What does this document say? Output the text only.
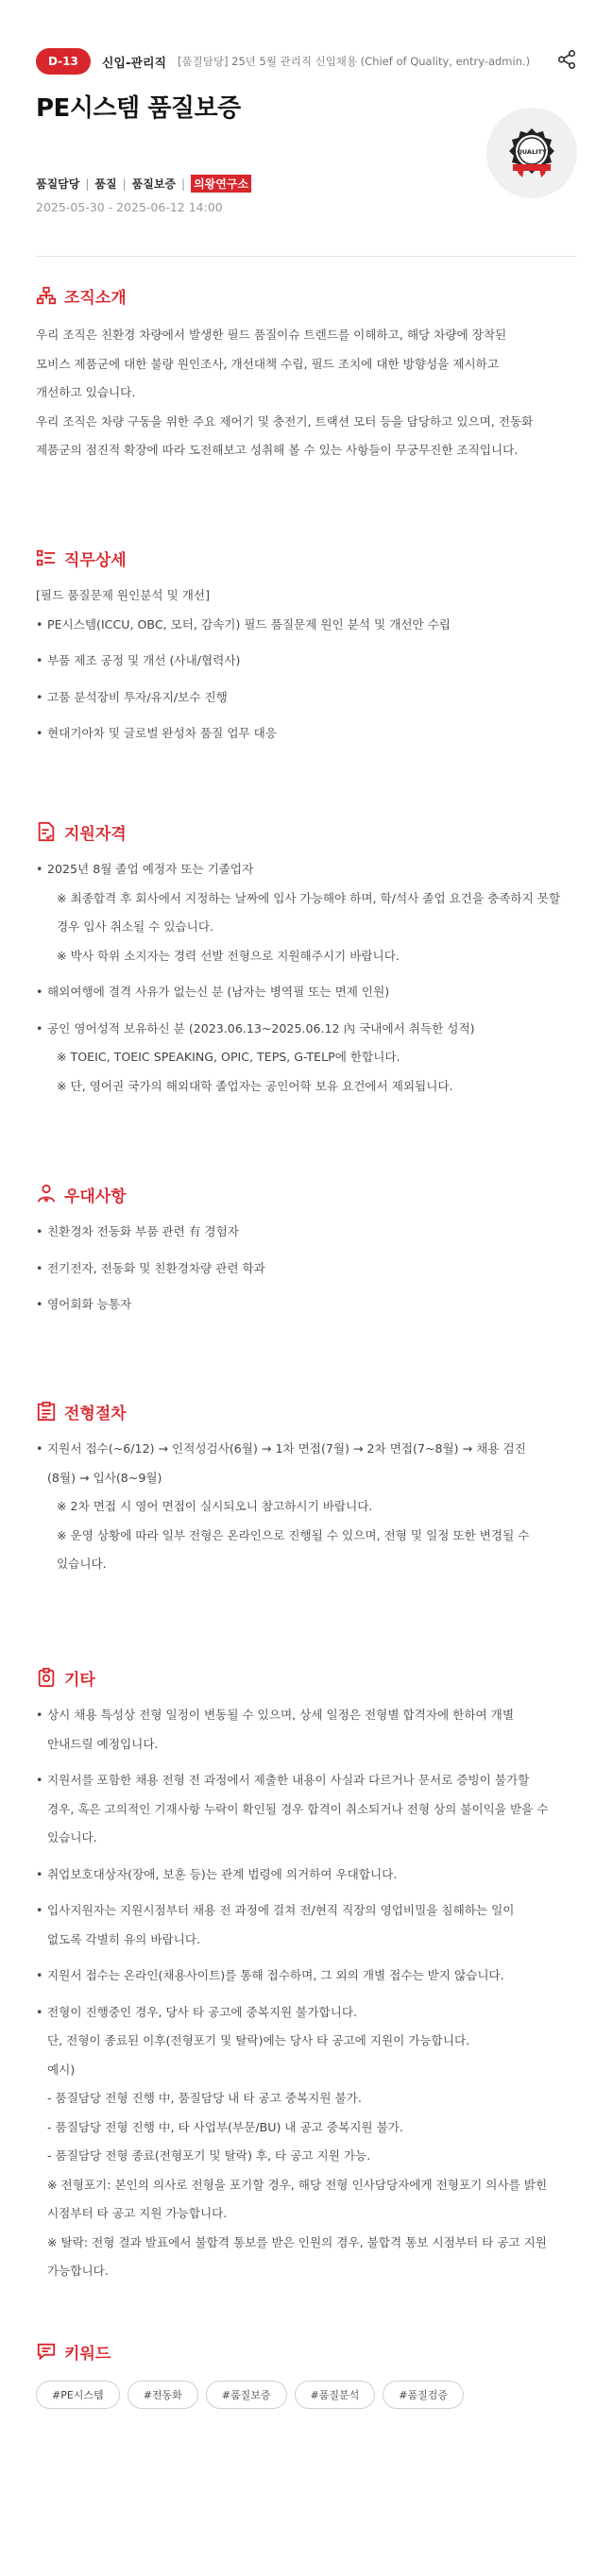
D-13	신입-관리직 [품질담당] 25년 5월 관리직 신입채용 (Chief of Quality, entry-admin.)
PE시스템 품질보증
QUALITY
품질담당 | 품질 | 품질보증 | 의왕연구소
2025-05-30 - 2025-06-12 14:00
조직소개
우리 조직은 친환경 차량에서 발생한 필드 품질이슈 트렌드를 이해하고, 해당 차량에 장착된
모비스 제품군에 대한 불량 원인조사, 개선대책 수립, 필드 조치에 대한 방향성을 제시하고
개선하고 있습니다.
우리 조직은 차량 구동을 위한 주요 제어기 및 충전기, 트랙션 모터 등을 담당하고 있으며, 전동화
제품군의 점진적 확장에 따라 도전해보고 성취해 볼 수 있는 사항들이 무궁무진한 조직입니다.
직무상세
[필드 품질문제 원인분석 및 개선]
• PE시스템(ICCU, OBC, 모터, 감속기) 필드 품질문제 원인 분석 및 개선안 수립
• 부품 제조 공정 및 개선 (사내/협력사)
• 고품 분석장비 투자/유지/보수 진행
• 현대기아차 및 글로벌 완성차 품질 업무 대응
지원자격
• 2025년 8월 졸업 예정자 또는 기졸업자
※ 최종합격 후 회사에서 지정하는 날짜에 입사 가능해야 하며, 학/석사 졸업 요건을 충족하지 못할
경우 입사 취소될 수 있습니다.
※ 박사 학위 소지자는 경력 선발 전형으로 지원해주시기 바랍니다.
• 해외여행에 결격 사유가 없는신 분 (남자는 병역필 또는 면제 인원)
• 공인 영어성적 보유하신 분 (2023.06.13~2025.06.12 內 국내에서 취득한 성적)
※ TOEIC, TOEIC SPEAKING, OPIC, TEPS, G-TELP에 한합니다.
※ 단, 영어권 국가의 해외대학 졸업자는 공인어학 보유 요건에서 제외됩니다.
우대사항
• 친환경차 전동화 부품 관련 有 경험자
• 전기전자, 전동화 및 친환경차량 관련 학과
• 영어회화 능통자
전형절차
• 지원서 접수(~6/12) → 인적성검사(6월) → 1차 면접(7월) → 2차 면접(7~8월) → 채용 검진
(8월) → 입사(8~9월)
※ 2차 면접 시 영어 면접이 실시되오니 참고하시기 바랍니다.
※ 운영 상황에 따라 일부 전형은 온라인으로 진행될 수 있으며, 전형 및 일정 또한 변경될 수
있습니다.
기타
• 상시 채용 특성상 전형 일정이 변동될 수 있으며, 상세 일정은 전형별 합격자에 한하여 개별
안내드릴 예정입니다.
• 지원서를 포함한 채용 전형 전 과정에서 제출한 내용이 사실과 다르거나 문서로 증빙이 불가할
경우, 혹은 고의적인 기재사항 누락이 확인될 경우 합격이 취소되거나 전형 상의 불이익을 받을 수
있습니다.
• 취업보호대상자(장애, 보훈 등)는 관계 법령에 의거하여 우대합니다.
• 입사지원자는 지원시점부터 채용 전 과정에 걸쳐 전/현직 직장의 영업비밀을 침해하는 일이
없도록 각별히 유의 바랍니다.
• 지원서 접수는 온라인(채용사이트)를 통해 접수하며, 그 외의 개별 접수는 받지 않습니다.
• 전형이 진행중인 경우, 당사 타 공고에 중복지원 불가합니다.
단, 전형이 종료된 이후(전형포기 및 탈락)에는 당사 타 공고에 지원이 가능합니다.
예시)
- 품질담당 전형 진행 中, 품질담당 내 타 공고 중복지원 불가.
- 품질담당 전형 진행 中, 타 사업부(부문/BU) 내 공고 중복지원 불가.
- 품질담당 전형 종료(전형포기 및 탈락) 후, 타 공고 지원 가능.
※ 전형포기: 본인의 의사로 전형을 포기할 경우, 해당 전형 인사담당자에게 전형포기 의사를 밝힌
시점부터 타 공고 지원 가능합니다.
※ 탈락: 전형 결과 발표에서 불합격 통보를 받은 인원의 경우, 불합격 통보 시점부터 타 공고 지원
가능합니다.
키워드
#PE시스템	#전동화	#품질보증	#품질분석	#품질검증
